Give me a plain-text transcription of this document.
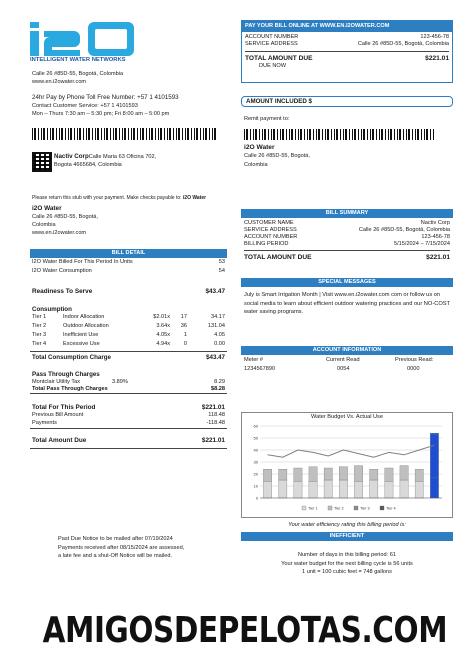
INTELLIGENT WATER NETWORKS
Calle 26 #85D-55, Bogotá, Colombia
www.en.i2owater.com
24hr Pay by Phone Toll Free Number: +57 1 4101593
Contact Customer Service: +57 1 4101593
Mon – Thurs 7:30 am – 5:30 pm; Fri 8:00 am – 5:00 pm
Nactiv CorpCalle Maria 63 Oficina 702,
Bogota 4665684, Colombia
PAY YOUR BILL ONLINE AT WWW.EN.I2OWATER.COM
ACCOUNT NUMBER	123-456-78
SERVICE ADDRESS	Calle 26 #85D-55, Bogotá, Colombia
TOTAL AMOUNT DUE	$221.01
DUE NOW
AMOUNT INCLUDED $
Remit payment to:
i2O Water
Calle 26 #85D-55, Bogotá,
Colombia
Please return this stub with your payment. Make checks payable to: i2O Water
i2O Water
Calle 26 #85D-55, Bogotá,
Colombia
www.en.i2owater.com
BILL SUMMARY
CUSTOMER NAME	Nactiv Corp
SERVICE ADDRESS	Calle 26 #85D-55, Bogotá, Colombia
ACCOUNT NUMBER	123-456-78
BILLING PERIOD	5/15/2024 – 7/15/2024
TOTAL AMOUNT DUE	$221.01
BILL DETAIL
I2O Water Billed For This Period In Units	53
I2O Water Consumption	54
Readiness To Serve	$43.47
Consumption
Tier 1	Indoor Allocation	$2.01x 17	34.17
Tier 2	Outdoor Allocation	3.64x 36	131.04
Tier 3	Inefficient Use	4.05x 1	4.05
Tier 4	Excessive Use	4.94x 0	0.00
Total Consumption Charge	$43.47
Pass Through Charges
Montclair Utility Tax	3.89%	8.29
Total Pass Through Charges	$8.28
Total For This Period	$221.01
Previous Bill Amount	118.48
Payments	-118.48
Total Amount Due	$221.01
SPECIAL MESSAGES
July is Smart Irrigation Month | Visit www.en.i2owater.com com or follow us on social media to learn about efficient outdoor watering practices and our NO-COST water saving programs.
ACCOUNT INFORMATION
Meter #	Current Read	Previous Read:
1234567890	0054	0000
Water Budget Vs. Actual Use
0
10
20
30
40
50
60
Tier 1	Tier 2	Tier 3	Tier 4
Your water efficiency rating this billing period is:
INEFFICIENT
Number of days in this billing period: 61
Your water budget for the next billing cycle is 56 units
1 unit = 100 cubic feet = 748 gallons
Past Due Notice to be mailed after 07/19/2024
Payments received after 08/15/2024 are assessed,
a late fee and a shut-Off Notice will be mailed.
AMIGOSDEPELOTAS.COM
